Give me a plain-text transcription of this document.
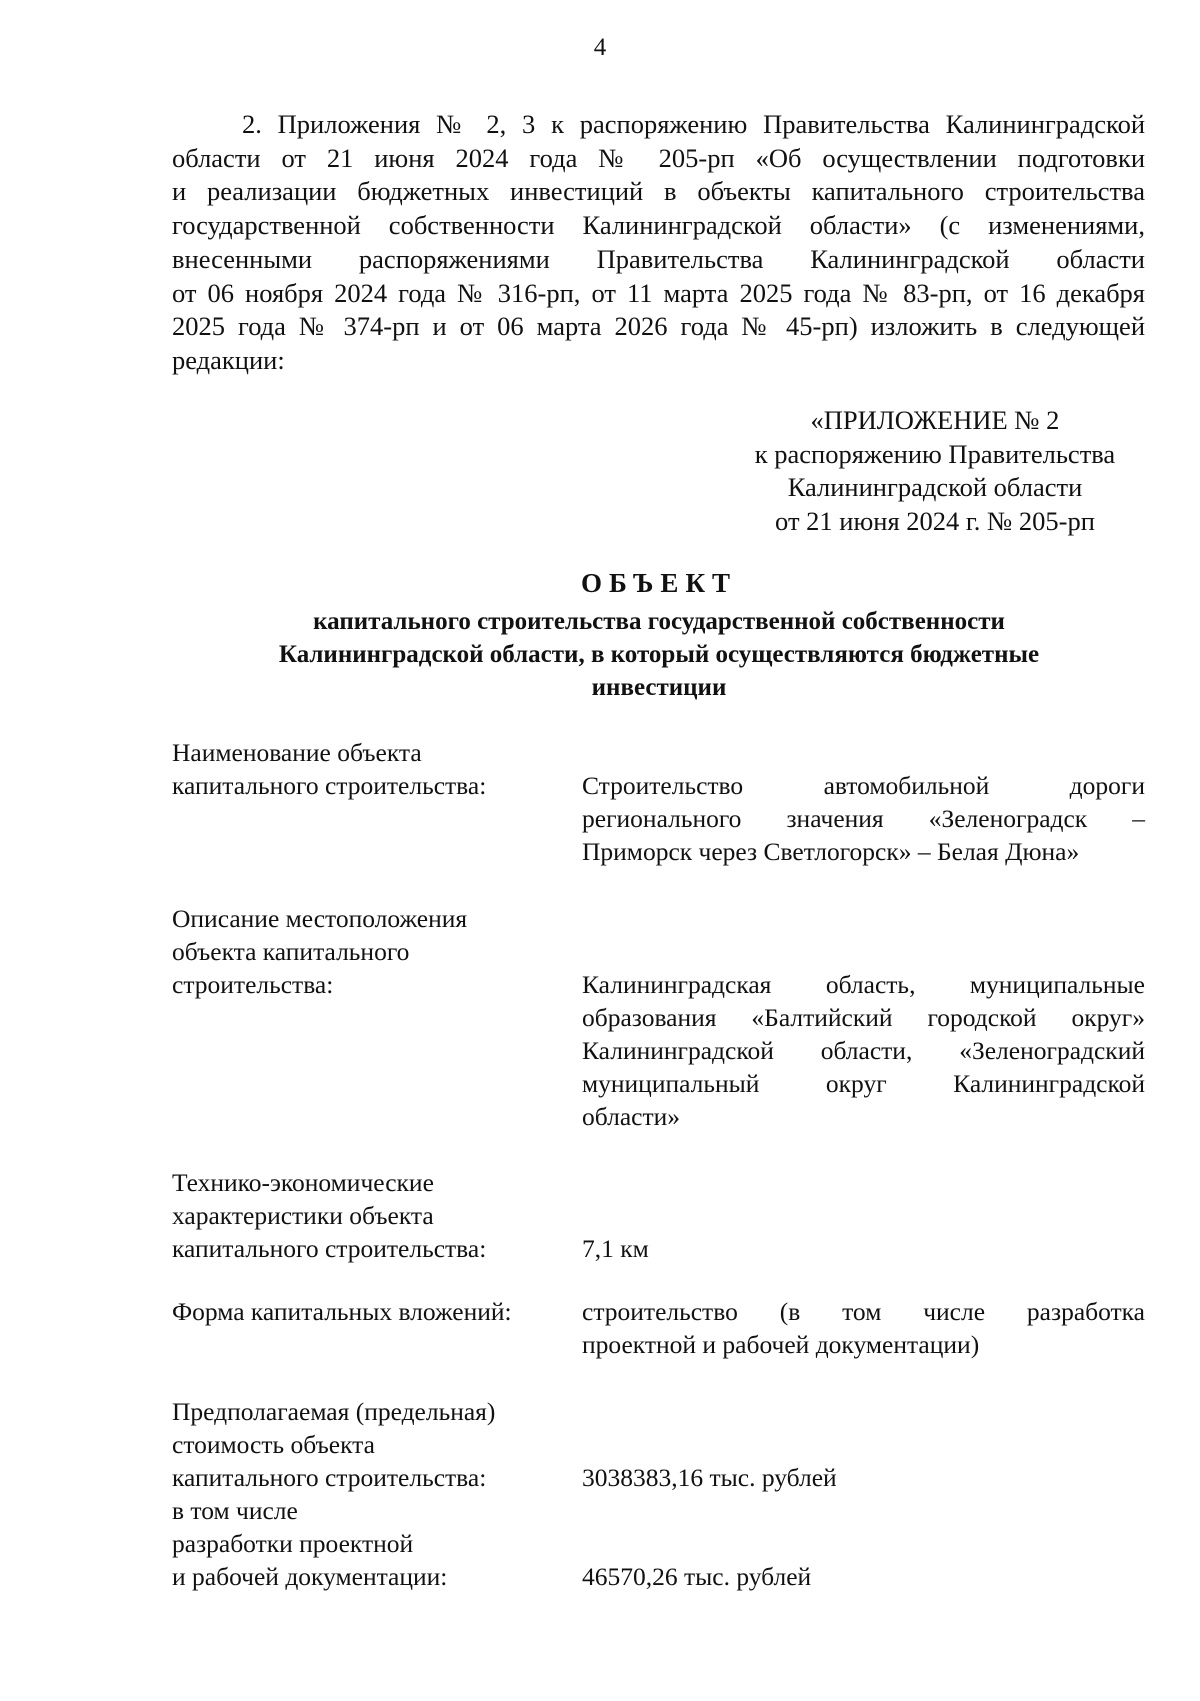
4
2. Приложения № 2, 3 к распоряжению Правительства Калининградской
области от 21 июня 2024 года № 205-рп «Об осуществлении подготовки
и реализации бюджетных инвестиций в объекты капитального строительства
государственной собственности Калининградской области» (с изменениями,
внесенными распоряжениями Правительства Калининградской области
от 06 ноября 2024 года № 316-рп, от 11 марта 2025 года № 83-рп, от 16 декабря
2025 года № 374-рп и от 06 марта 2026 года № 45-рп) изложить в следующей
редакции:
«ПРИЛОЖЕНИЕ № 2
к распоряжению Правительства
Калининградской области
от 21 июня 2024 г. № 205-рп
ОБЪЕКТ
капитального строительства государственной собственности
Калининградской области, в который осуществляются бюджетные
инвестиции
Наименование объекта
капитального строительства:	Строительство автомобильной дороги
регионального значения «Зеленоградск –
Приморск через Светлогорск» – Белая Дюна»
Описание местоположения
объекта капитального
строительства:	Калининградская область, муниципальные
образования «Балтийский городской округ»
Калининградской области, «Зеленоградский
муниципальный округ Калининградской
области»
Технико-экономические
характеристики объекта
капитального строительства:	7,1 км
Форма капитальных вложений:	строительство (в том числе разработка
проектной и рабочей документации)
Предполагаемая (предельная)
стоимость объекта
капитального строительства:	3038383,16 тыс. рублей
в том числе
разработки проектной
и рабочей документации:	46570,26 тыс. рублей
